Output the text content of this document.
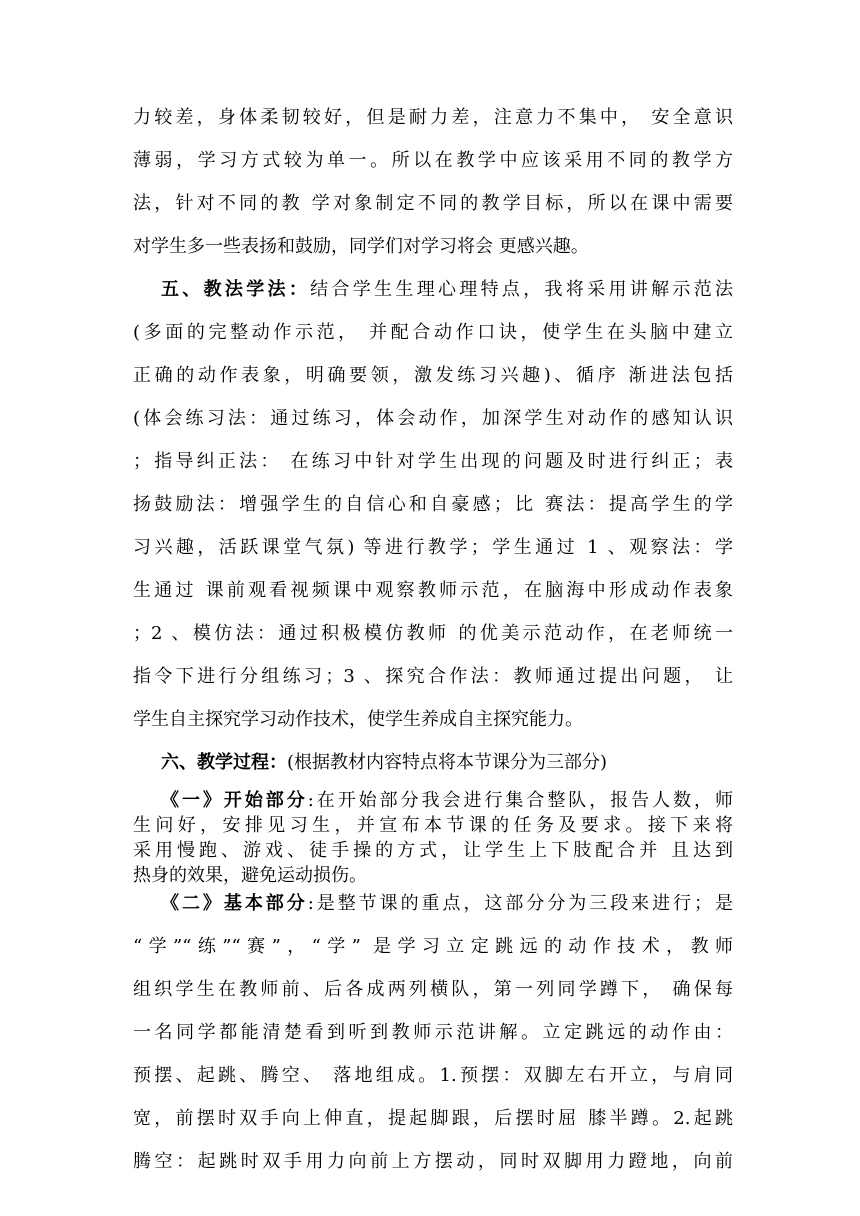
力较差，身体柔韧较好，但是耐力差，注意力不集中， 安全意识
薄弱，学习方式较为单一。所以在教学中应该采用不同的教学方
法，针对不同的教 学对象制定不同的教学目标，所以在课中需要
对学生多一些表扬和鼓励，同学们对学习将会 更感兴趣。
五、教法学法：结合学生生理心理特点，我将采用讲解示范法
(多面的完整动作示范， 并配合动作口诀，使学生在头脑中建立
正确的动作表象，明确要领，激发练习兴趣)、循序 渐进法包括
(体会练习法：通过练习，体会动作，加深学生对动作的感知认识
；指导纠正法： 在练习中针对学生出现的问题及时进行纠正；表
扬鼓励法：增强学生的自信心和自豪感；比 赛法：提高学生的学
习兴趣，活跃课堂气氛) 等进行教学；学生通过 1 、观察法：学
生通过 课前观看视频课中观察教师示范，在脑海中形成动作表象
；2 、模仿法：通过积极模仿教师 的优美示范动作，在老师统一
指令下进行分组练习；3 、探究合作法：教师通过提出问题， 让
学生自主探究学习动作技术，使学生养成自主探究能力。
六、教学过程：(根据教材内容特点将本节课分为三部分)
《一》开始部分:在开始部分我会进行集合整队，报告人数，师
生问好，安排见习生，并宣布本节课的任务及要求。接下来将
采用慢跑、游戏、徒手操的方式，让学生上下肢配合并 且达到
热身的效果，避免运动损伤。
《二》基本部分:是整节课的重点，这部分分为三段来进行；是
“学”“练”“赛”，“学” 是学习立定跳远的动作技术，教师
组织学生在教师前、后各成两列横队，第一列同学蹲下， 确保每
一名同学都能清楚看到听到教师示范讲解。立定跳远的动作由：
预摆、起跳、腾空、 落地组成。1.预摆：双脚左右开立，与肩同
宽，前摆时双手向上伸直，提起脚跟，后摆时屈 膝半蹲。2.起跳
腾空：起跳时双手用力向前上方摆动，同时双脚用力蹬地，向前
